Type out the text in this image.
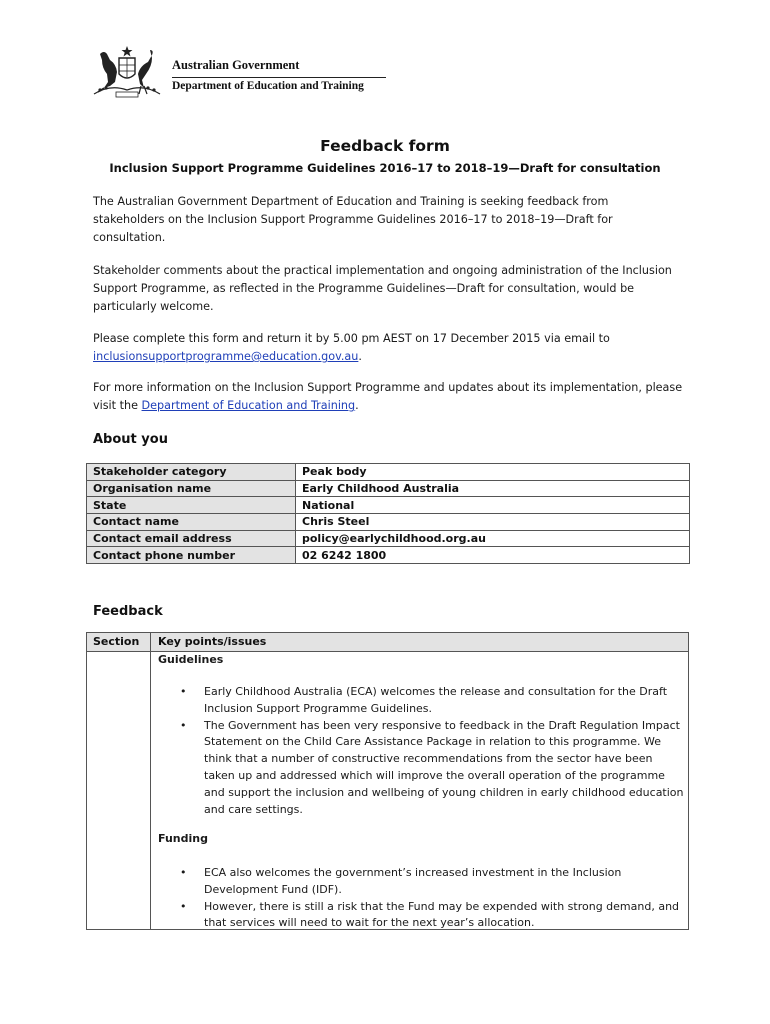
Australian Government
Department of Education and Training
Feedback form
Inclusion Support Programme Guidelines 2016–17 to 2018–19—Draft for consultation

The Australian Government Department of Education and Training is seeking feedback from stakeholders on the Inclusion Support Programme Guidelines 2016–17 to 2018–19—Draft for consultation.

Stakeholder comments about the practical implementation and ongoing administration of the Inclusion Support Programme, as reflected in the Programme Guidelines—Draft for consultation, would be particularly welcome.

Please complete this form and return it by 5.00 pm AEST on 17 December 2015 via email to inclusionsupportprogramme@education.gov.au.

For more information on the Inclusion Support Programme and updates about its implementation, please visit the Department of Education and Training.

About you
Stakeholder category	Peak body
Organisation name	Early Childhood Australia
State	National
Contact name	Chris Steel
Contact email address	policy@earlychildhood.org.au
Contact phone number	02 6242 1800
Feedback
Section Key points/issues
Guidelines
• Early Childhood Australia (ECA) welcomes the release and consultation for the Draft Inclusion Support Programme Guidelines.
• The Government has been very responsive to feedback in the Draft Regulation Impact Statement on the Child Care Assistance Package in relation to this programme. We think that a number of constructive recommendations from the sector have been taken up and addressed which will improve the overall operation of the programme and support the inclusion and wellbeing of young children in early childhood education and care settings.
Funding
• ECA also welcomes the government’s increased investment in the Inclusion Development Fund (IDF).
• However, there is still a risk that the Fund may be expended with strong demand, and that services will need to wait for the next year’s allocation.
